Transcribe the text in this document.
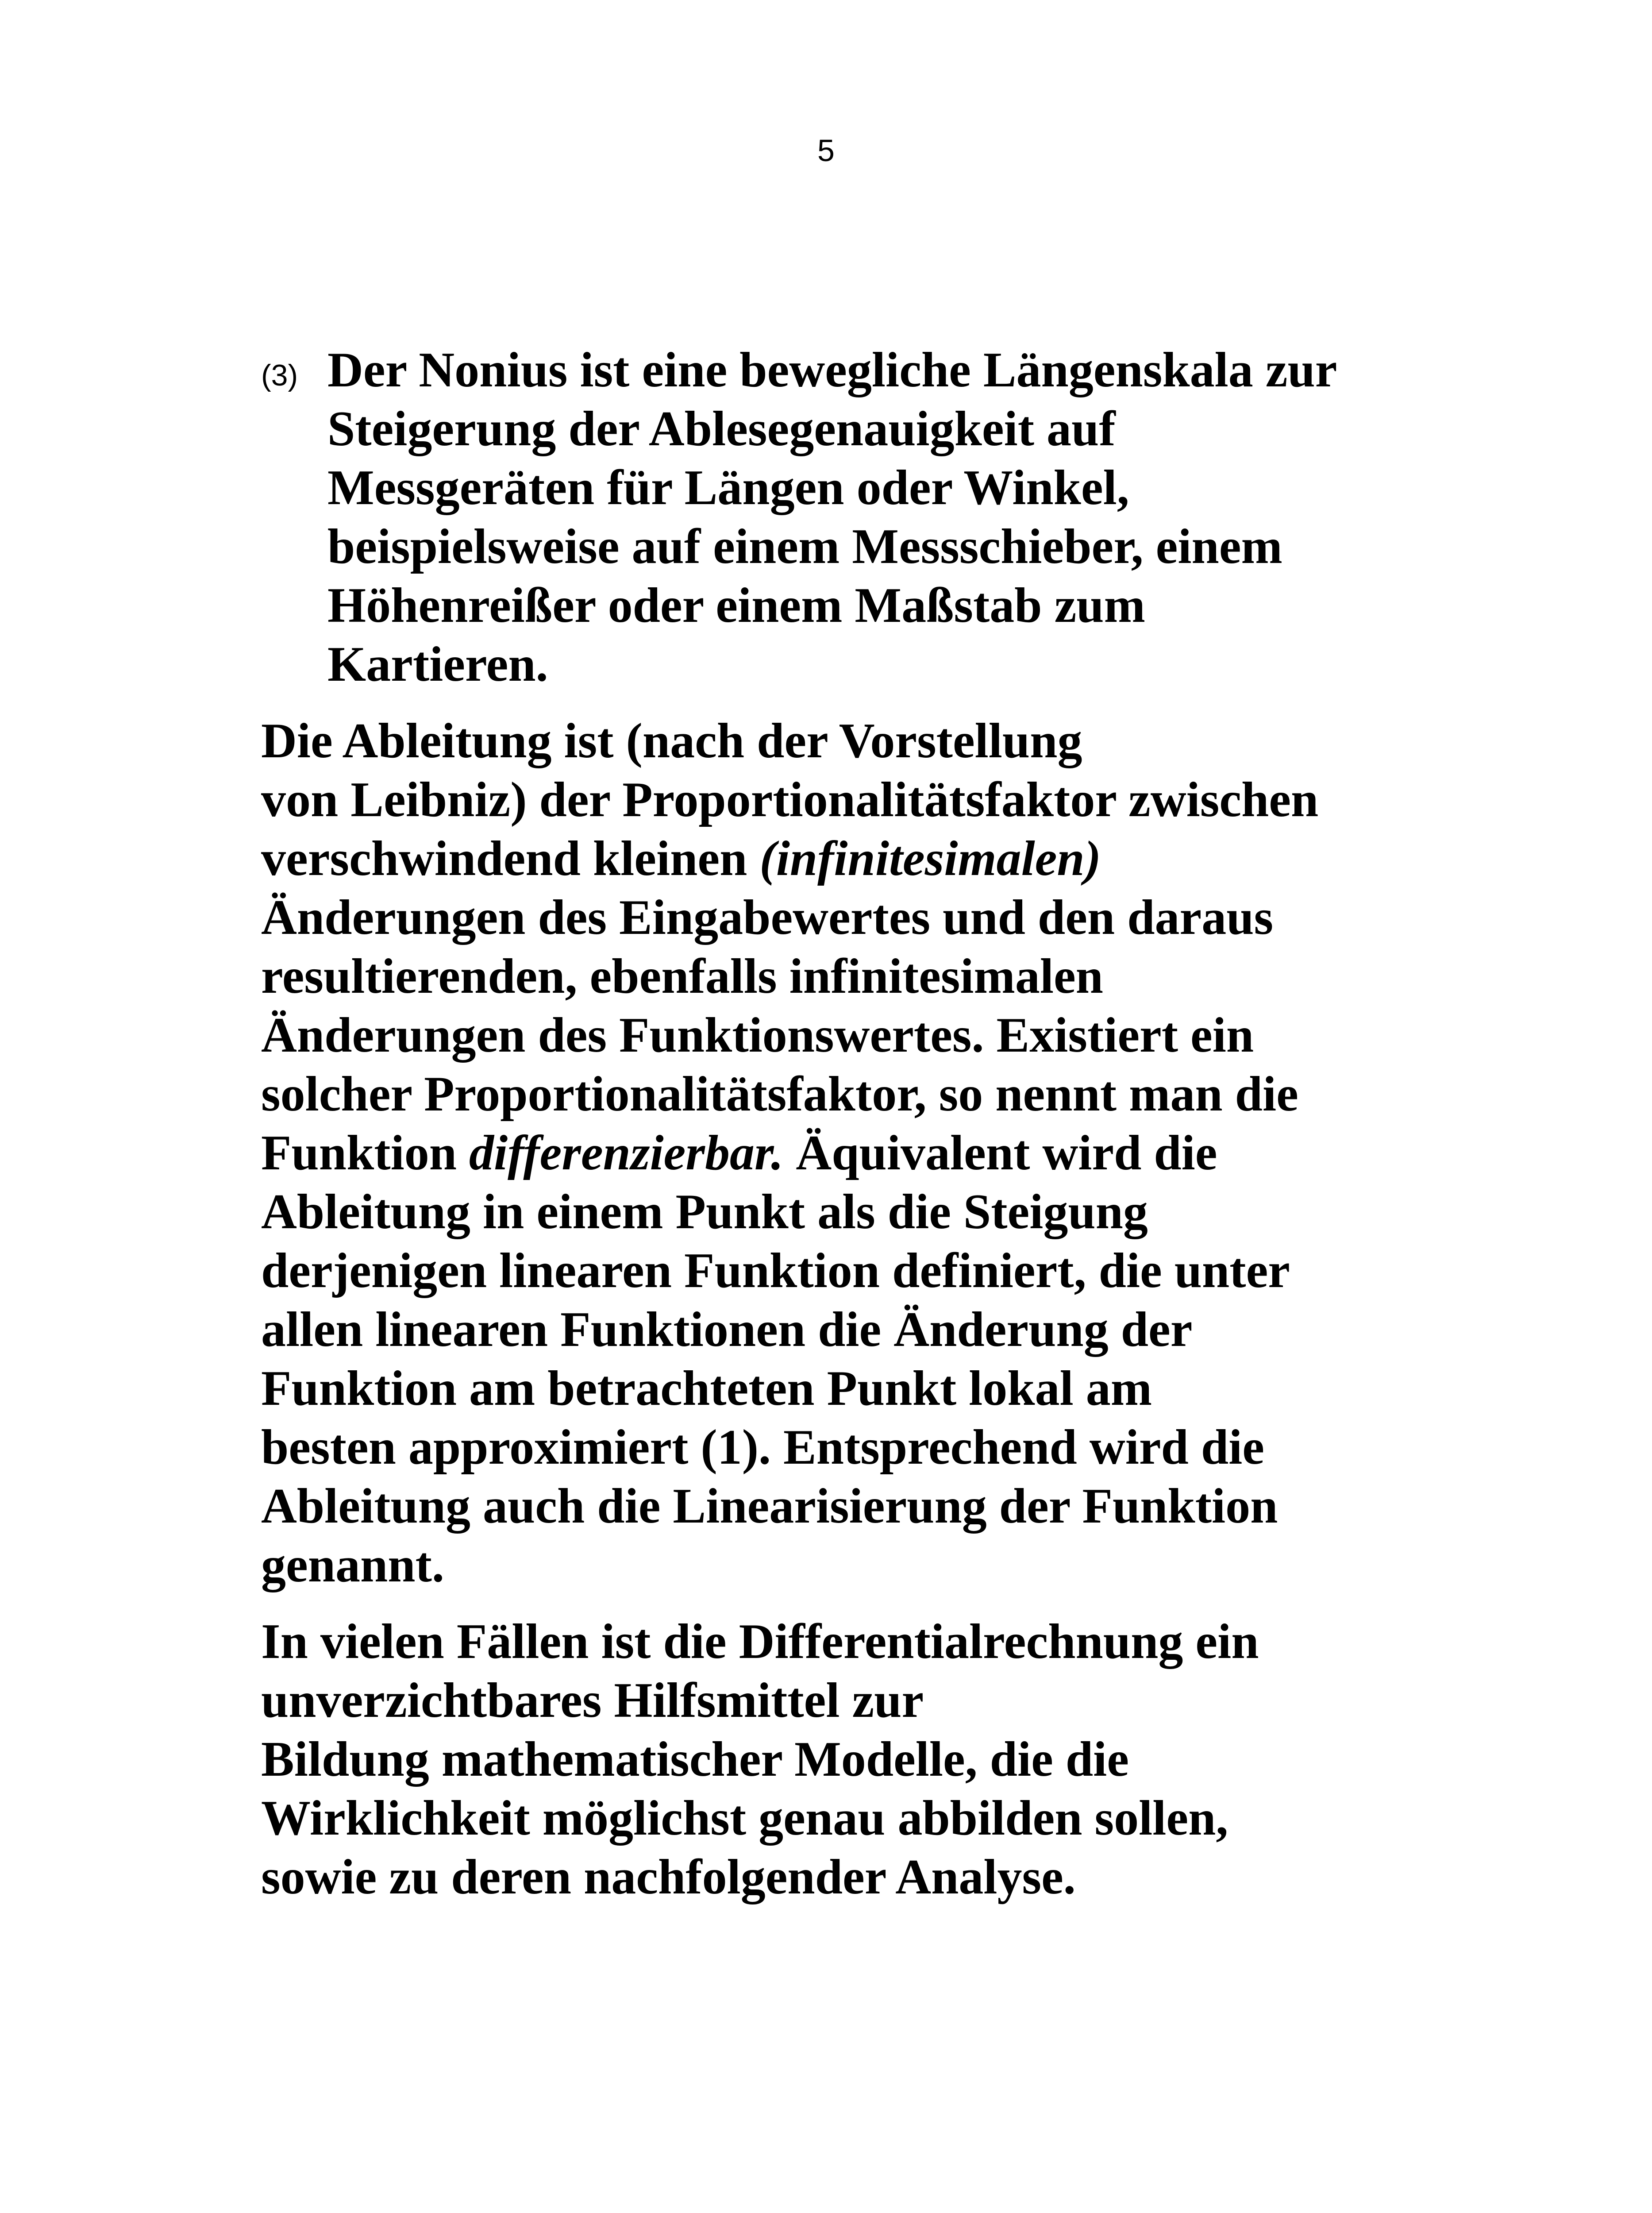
5
(3) Der Nonius ist eine bewegliche Längenskala zur
Steigerung der Ablesegenauigkeit auf
Messgeräten für Längen oder Winkel,
beispielsweise auf einem Messschieber, einem
Höhenreißer oder einem Maßstab zum
Kartieren.
Die Ableitung ist (nach der Vorstellung
von Leibniz) der Proportionalitätsfaktor zwischen
verschwindend kleinen (infinitesimalen)
Änderungen des Eingabewertes und den daraus
resultierenden, ebenfalls infinitesimalen
Änderungen des Funktionswertes. Existiert ein
solcher Proportionalitätsfaktor, so nennt man die
Funktion differenzierbar. Äquivalent wird die
Ableitung in einem Punkt als die Steigung
derjenigen linearen Funktion definiert, die unter
allen linearen Funktionen die Änderung der
Funktion am betrachteten Punkt lokal am
besten approximiert (1). Entsprechend wird die
Ableitung auch die Linearisierung der Funktion
genannt.
In vielen Fällen ist die Differentialrechnung ein
unverzichtbares Hilfsmittel zur
Bildung mathematischer Modelle, die die
Wirklichkeit möglichst genau abbilden sollen,
sowie zu deren nachfolgender Analyse.
